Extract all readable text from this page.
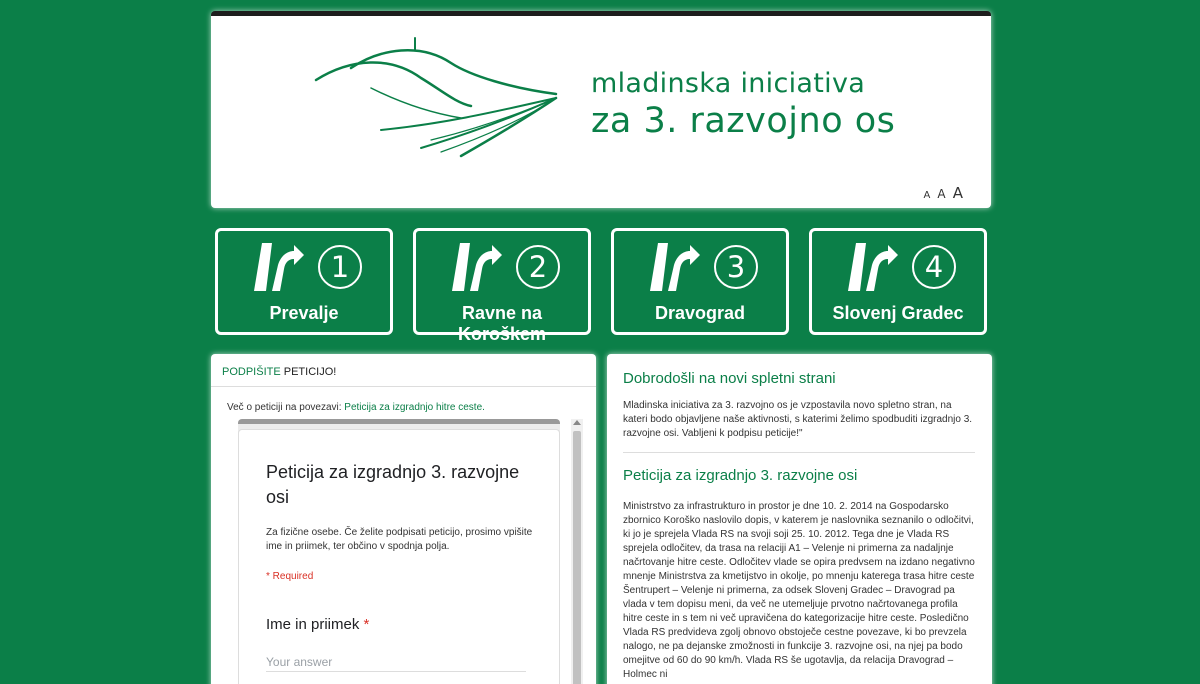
mladinska iniciativa
za 3. razvojno os
A A A
1
Prevalje
2
Ravne na Koroškem
3
Dravograd
4
Slovenj Gradec
PODPIŠITE PETICIJO!
Več o peticiji na povezavi: Peticija za izgradnjo hitre ceste.
Peticija za izgradnjo 3. razvojne osi
Za fizične osebe. Če želite podpisati peticijo, prosimo vpišite ime in priimek, ter občino v spodnja polja.
* Required
Ime in priimek *
Your answer
Dobrodošli na novi spletni strani
Mladinska iniciativa za 3. razvojno os je vzpostavila novo spletno stran, na kateri bodo objavljene naše aktivnosti, s katerimi želimo spodbuditi izgradnjo 3. razvojne osi. Vabljeni k podpisu peticije!"
Peticija za izgradnjo 3. razvojne osi
Ministrstvo za infrastrukturo in prostor je dne 10. 2. 2014 na Gospodarsko zbornico Koroško naslovilo dopis, v katerem je naslovnika seznanilo o odločitvi, ki jo je sprejela Vlada RS na svoji soji 25. 10. 2012. Tega dne je Vlada RS sprejela odločitev, da trasa na relaciji A1 – Velenje ni primerna za nadaljnje načrtovanje hitre ceste. Odločitev vlade se opira predvsem na izdano negativno mnenje Ministrstva za kmetijstvo in okolje, po mnenju katerega trasa hitre ceste Šentrupert – Velenje ni primerna, za odsek Slovenj Gradec – Dravograd pa vlada v tem dopisu meni, da več ne utemeljuje prvotno načrtovanega profila hitre ceste in s tem ni več upravičena do kategorizacije hitre ceste. Posledično Vlada RS predvideva zgolj obnovo obstoječe cestne povezave, ki bo prevzela nalogo, ne pa dejanske zmožnosti in funkcije 3. razvojne osi, na njej pa bodo omejitve od 60 do 90 km/h. Vlada RS še ugotavlja, da relacija Dravograd – Holmec ni
